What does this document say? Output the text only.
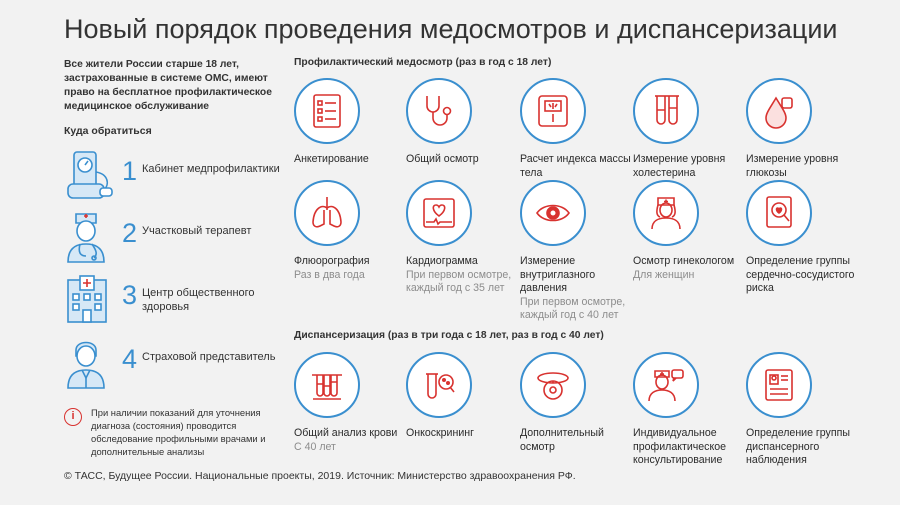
Новый порядок проведения медосмотров и диспансеризации
Все жители России старше 18 лет, застрахованные в системе ОМС, имеют право на бесплатное профилактическое медицинское обслуживание
Куда обратиться
1 Кабинет медпрофилактики
2 Участковый терапевт
3 Центр общественного здоровья
4 Страховой представитель
i	При наличии показаний для уточнения диагноза (состояния) проводится обследование профильными врачами и дополнительные анализы
Профилактический медосмотр (раз в год с 18 лет)
Анкетирование	Общий осмотр	Расчет индекса массы тела
Измерение уровня холестерина
Измерение уровня глюкозы
Флюорография
Раз в два года
Кардиограмма
При первом осмотре, каждый год с 35 лет
Измерение внутриглазного давления
При первом осмотре, каждый год с 40 лет
Осмотр гинекологом
Для женщин
Определение группы сердечно-сосудистого риска
Диспансеризация (раз в три года с 18 лет, раз в год с 40 лет)
Общий анализ крови
С 40 лет
Онкоскрининг	Дополнительный осмотр
Индивидуальное профилактическое консультирование
Определение группы диспансерного наблюдения
© ТАСС, Будущее России. Национальные проекты, 2019. Источник: Министерство здравоохранения РФ.
